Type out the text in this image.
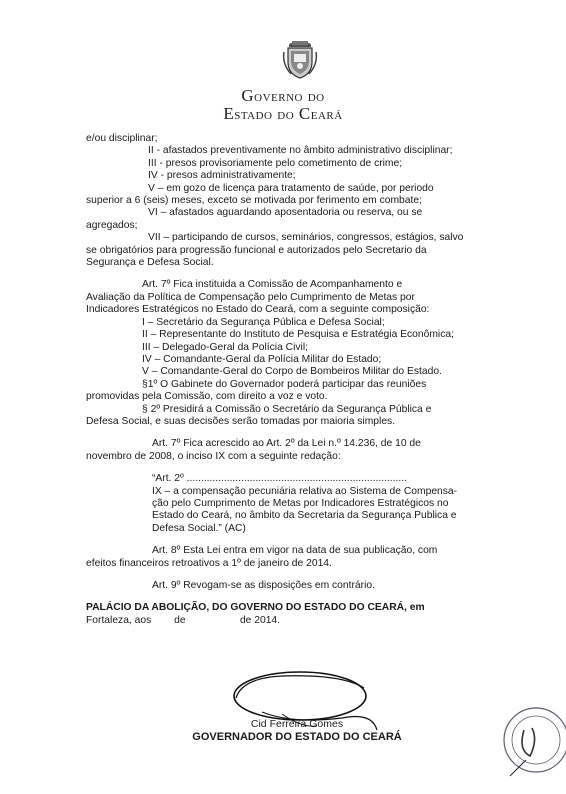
GOVERNO DO
ESTADO DO CEARÁ
e/ou disciplinar;
II - afastados preventivamente no âmbito administrativo disciplinar;
III - presos provisoriamente pelo cometimento de crime;
IV - presos administrativamente;
V – em gozo de licença para tratamento de saúde, por periodo
superior a 6 (seis) meses, exceto se motivada por ferimento em combate;
VI – afastados aguardando aposentadoria ou reserva, ou se
agregados;
VII – participando de cursos, seminários, congressos, estágios, salvo
se obrigatórios para progressão funcional e autorizados pelo Secretario da
Segurança e Defesa Social.
Art. 7º Fica instituida a Comissão de Acompanhamento e
Avaliação da Política de Compensação pelo Cumprimento de Metas por
Indicadores Estratégicos no Estado do Ceará, com a seguinte composição:
I – Secretário da Segurança Pública e Defesa Social;
II – Representante do Instituto de Pesquisa e Estratégia Econômica;
III – Delegado-Geral da Polícia Civil;
IV – Comandante-Geral da Polícia Militar do Estado;
V – Comandante-Geral do Corpo de Bombeiros Militar do Estado.
§1º O Gabinete do Governador poderá participar das reuniões
promovidas pela Comissão, com direito a voz e voto.
§ 2º Presidirá a Comissão o Secretário da Segurança Pública e
Defesa Social, e suas decisões serão tomadas por maioria simples.
Art. 7º Fica acrescido ao Art. 2º da Lei n.º 14.236, de 10 de
novembro de 2008, o inciso IX com a seguinte redação:
“Art. 2º .............................................................................
IX – a compensação pecuniária relativa ao Sistema de Compensa-
ção pelo Cumprimento de Metas por Indicadores Estratégicos no
Estado do Ceará, no âmbito da Secretaria da Segurança Publica e
Defesa Social.” (AC)
Art. 8º Esta Lei entra em vigor na data de sua publicação, com
efeitos financeiros retroativos a 1º de janeiro de 2014.
Art. 9º Revogam-se as disposições em contrário.
PALÁCIO DA ABOLIÇÃO, DO GOVERNO DO ESTADO DO CEARÁ, em
Fortaleza, aos        de                   de 2014.
Cid Ferreira Gomes
GOVERNADOR DO ESTADO DO CEARÁ
